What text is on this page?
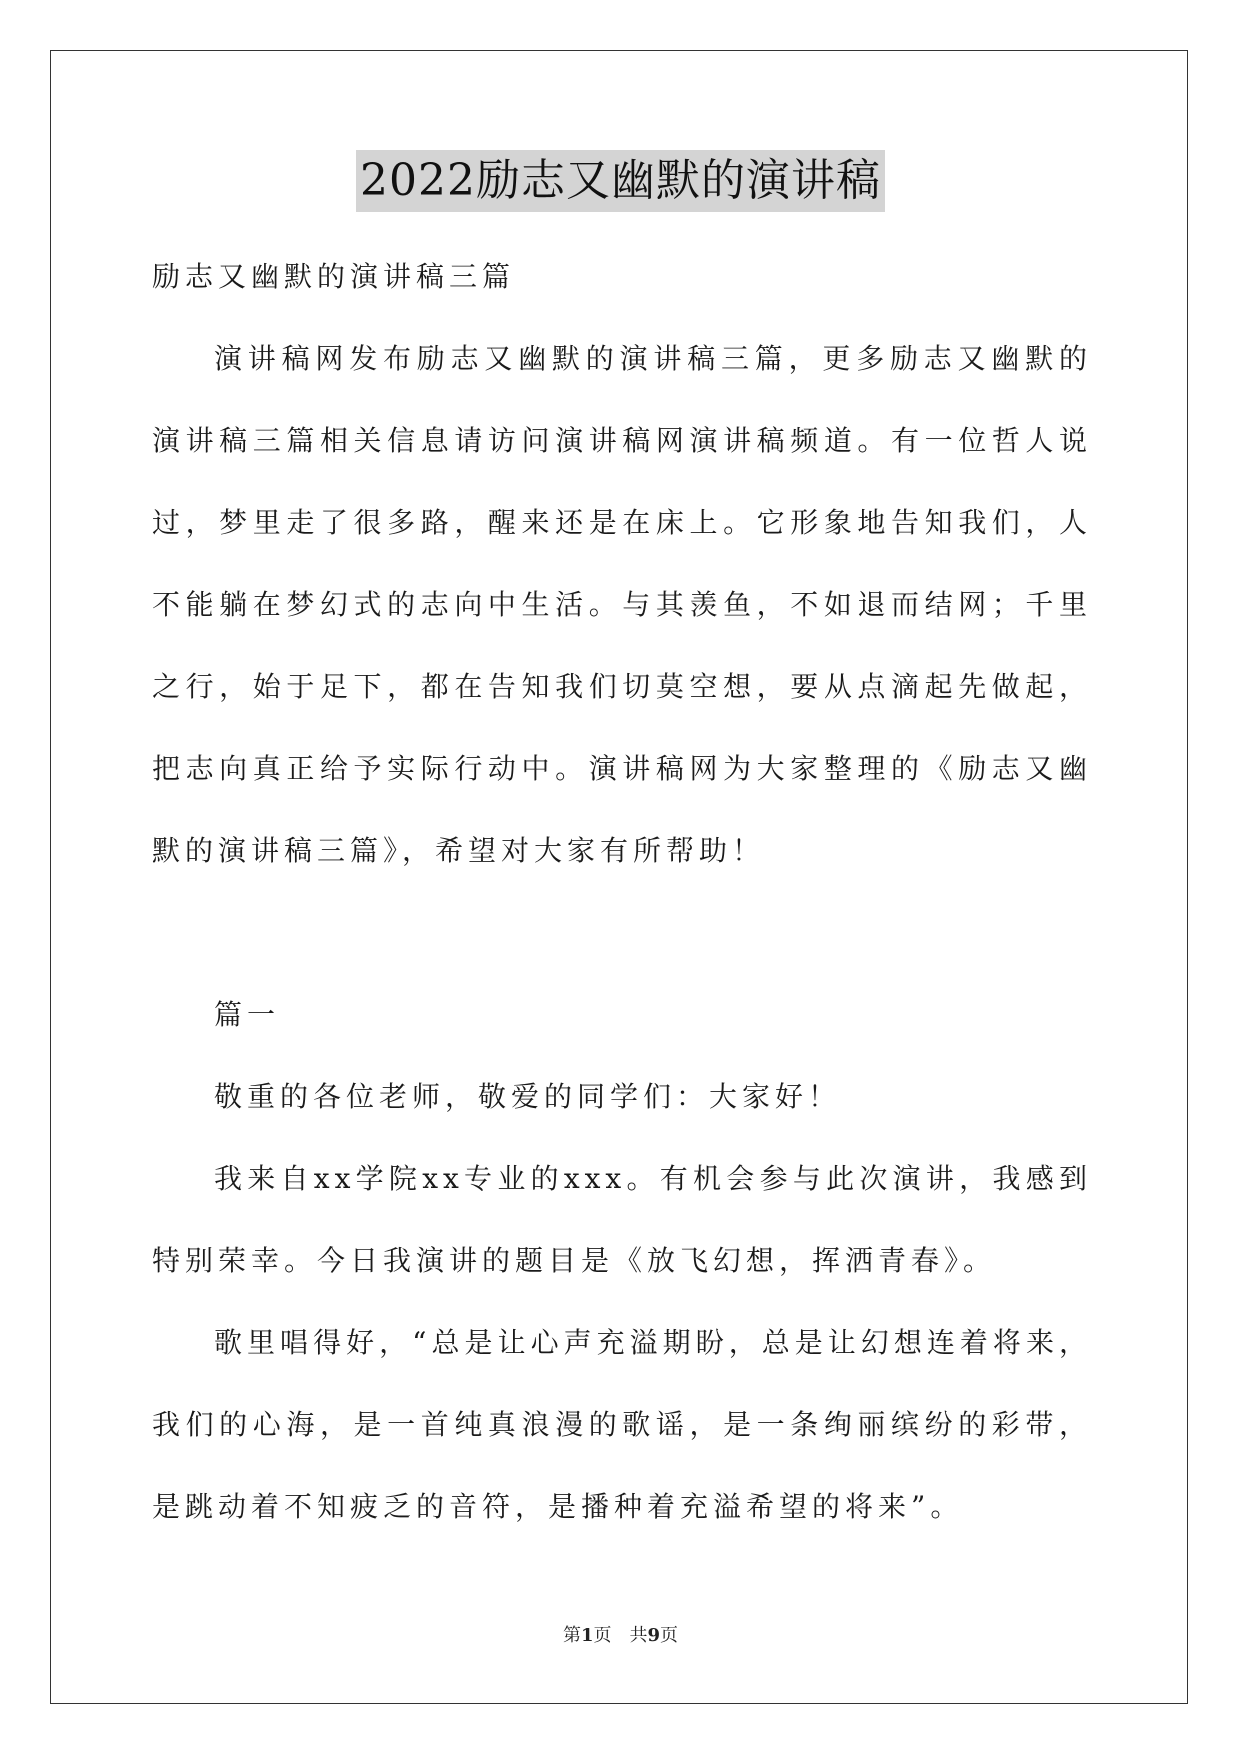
2022励志又幽默的演讲稿

励志又幽默的演讲稿三篇

演讲稿网发布励志又幽默的演讲稿三篇，更多励志又幽默的演讲稿三篇相关信息请访问演讲稿网演讲稿频道。有一位哲人说过，梦里走了很多路，醒来还是在床上。它形象地告知我们，人不能躺在梦幻式的志向中生活。与其羡鱼，不如退而结网；千里之行，始于足下，都在告知我们切莫空想，要从点滴起先做起，把志向真正给予实际行动中。演讲稿网为大家整理的《励志又幽默的演讲稿三篇》，希望对大家有所帮助！

篇一

敬重的各位老师，敬爱的同学们：大家好！

我来自xx学院xx专业的xxx。有机会参与此次演讲，我感到特别荣幸。今日我演讲的题目是《放飞幻想，挥洒青春》。

歌里唱得好，“总是让心声充溢期盼，总是让幻想连着将来，我们的心海，是一首纯真浪漫的歌谣，是一条绚丽缤纷的彩带，是跳动着不知疲乏的音符，是播种着充溢希望的将来”。

第1页　共9页
